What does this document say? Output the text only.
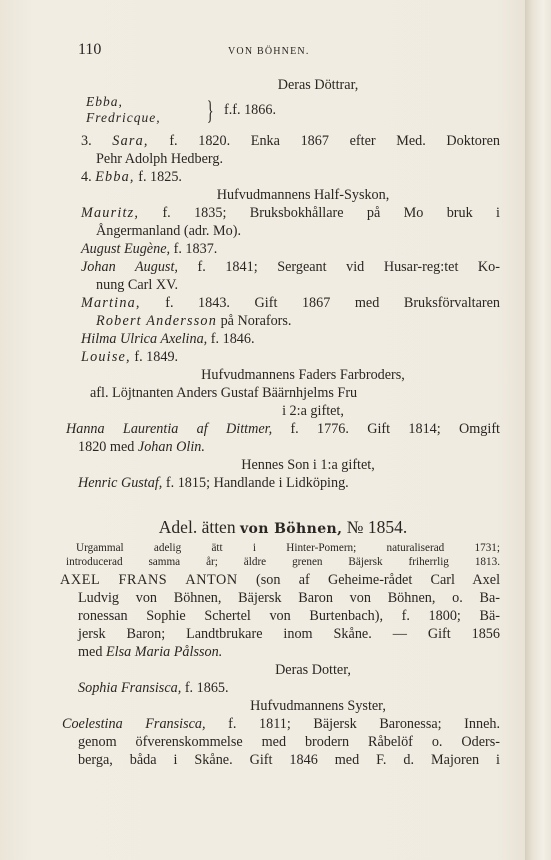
110	VON BÖHNEN.
Deras Döttrar,
Ebba,
Fredricque, } f.f. 1866.
3. Sara, f. 1820. Enka 1867 efter Med. Doktoren
Pehr Adolph Hedberg.
4. Ebba, f. 1825.
Hufvudmannens Half-Syskon,
Mauritz, f. 1835; Bruksbokhållare på Mo bruk i
Ångermanland (adr. Mo).
August Eugène, f. 1837.
Johan August, f. 1841; Sergeant vid Husar-reg:tet Ko-
nung Carl XV.
Martina, f. 1843. Gift 1867 med Bruksförvaltaren
Robert Andersson på Norafors.
Hilma Ulrica Axelina, f. 1846.
Louise, f. 1849.
Hufvudmannens Faders Farbroders,
afl. Löjtnanten Anders Gustaf Bäärnhjelms Fru
i 2:a giftet,
Hanna Laurentia af Dittmer, f. 1776. Gift 1814; Omgift
1820 med Johan Olin.
Hennes Son i 1:a giftet,
Henric Gustaf, f. 1815; Handlande i Lidköping.
Adel. ätten von Böhnen, № 1854.
Urgammal adelig ätt i Hinter-Pomern; naturaliserad 1731;
introducerad samma år; äldre grenen Bäjersk friherrlig 1813.
AXEL FRANS ANTON (son af Geheime-rådet Carl Axel
Ludvig von Böhnen, Bäjersk Baron von Böhnen, o. Ba-
ronessan Sophie Schertel von Burtenbach), f. 1800; Bä-
jersk Baron; Landtbrukare inom Skåne. — Gift 1856
med Elsa Maria Pålsson.
Deras Dotter,
Sophia Fransisca, f. 1865.
Hufvudmannens Syster,
Coelestina Fransisca, f. 1811; Bäjersk Baronessa; Inneh.
genom öfverenskommelse med brodern Råbelöf o. Oders-
berga, båda i Skåne. Gift 1846 med F. d. Majoren i
